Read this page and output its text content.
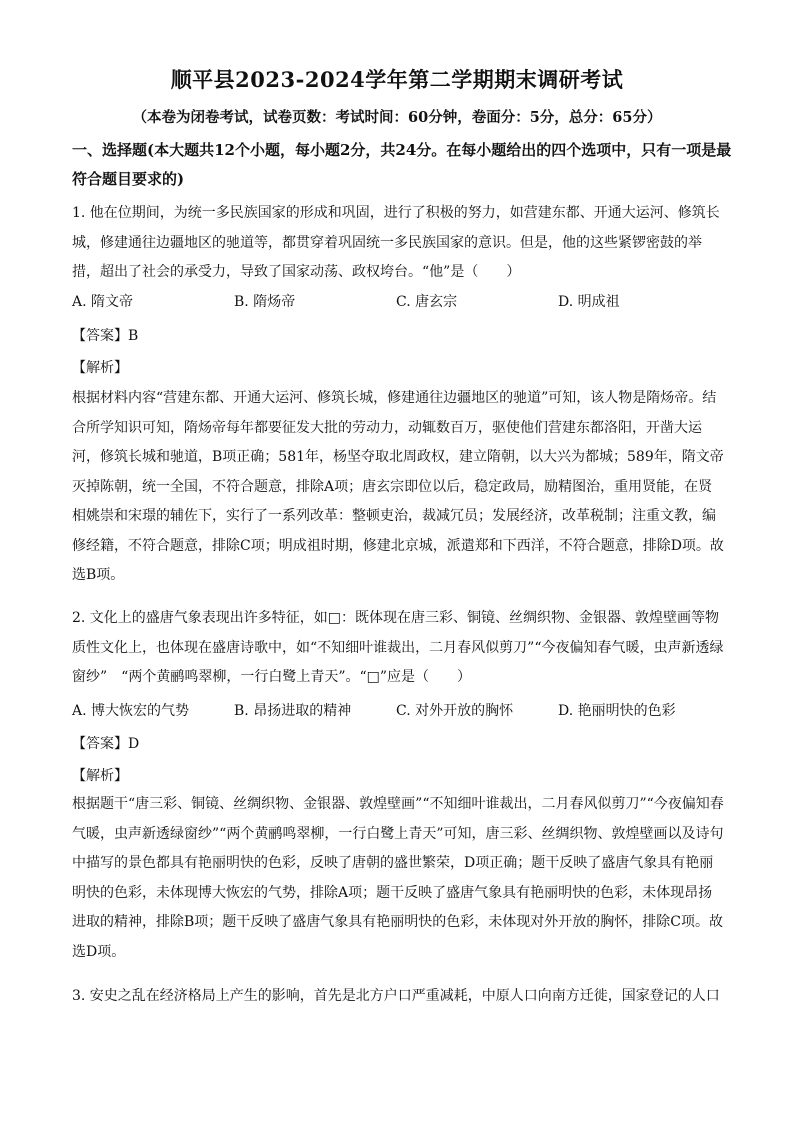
顺平县2023-2024学年第二学期期末调研考试
（本卷为闭卷考试，试卷页数：考试时间：60分钟，卷面分：5分，总分：65分）
一、选择题(本大题共12个小题，每小题2分，共24分。在每小题给出的四个选项中，只有一项是最符合题目要求的)

1. 他在位期间，为统一多民族国家的形成和巩固，进行了积极的努力，如营建东都、开通大运河、修筑长城，修建通往边疆地区的驰道等，都贯穿着巩固统一多民族国家的意识。但是，他的这些紧锣密鼓的举措，超出了社会的承受力，导致了国家动荡、政权垮台。“他”是（　　）

A. 隋文帝	B. 隋炀帝	C. 唐玄宗	D. 明成祖
【答案】B
【解析】

根据材料内容“营建东都、开通大运河、修筑长城，修建通往边疆地区的驰道”可知，该人物是隋炀帝。结合所学知识可知，隋炀帝每年都要征发大批的劳动力，动辄数百万，驱使他们营建东都洛阳，开凿大运河，修筑长城和驰道，B项正确；581年，杨坚夺取北周政权，建立隋朝，以大兴为都城；589年，隋文帝灭掉陈朝，统一全国，不符合题意，排除A项；唐玄宗即位以后，稳定政局，励精图治，重用贤能，在贤相姚崇和宋璟的辅佐下，实行了一系列改革：整顿吏治，裁减冗员；发展经济，改革税制；注重文教，编修经籍，不符合题意，排除C项；明成祖时期，修建北京城，派遣郑和下西洋，不符合题意，排除D项。故选B项。

2. 文化上的盛唐气象表现出许多特征，如□：既体现在唐三彩、铜镜、丝绸织物、金银器、敦煌壁画等物质性文化上，也体现在盛唐诗歌中，如“不知细叶谁裁出，二月春风似剪刀”“今夜偏知春气暖，虫声新透绿窗纱”　“两个黄鹂鸣翠柳，一行白鹭上青天”。“□”应是（　　）

A. 博大恢宏的气势	B. 昂扬进取的精神	C. 对外开放的胸怀	D. 艳丽明快的色彩
【答案】D
【解析】

根据题干“唐三彩、铜镜、丝绸织物、金银器、敦煌壁画”“不知细叶谁裁出，二月春风似剪刀”“今夜偏知春气暖，虫声新透绿窗纱”“两个黄鹂鸣翠柳，一行白鹭上青天”可知，唐三彩、丝绸织物、敦煌壁画以及诗句中描写的景色都具有艳丽明快的色彩，反映了唐朝的盛世繁荣，D项正确；题干反映了盛唐气象具有艳丽明快的色彩，未体现博大恢宏的气势，排除A项；题干反映了盛唐气象具有艳丽明快的色彩，未体现昂扬进取的精神，排除B项；题干反映了盛唐气象具有艳丽明快的色彩，未体现对外开放的胸怀，排除C项。故选D项。

3. 安史之乱在经济格局上产生的影响，首先是北方户口严重减耗，中原人口向南方迁徙，国家登记的人口
